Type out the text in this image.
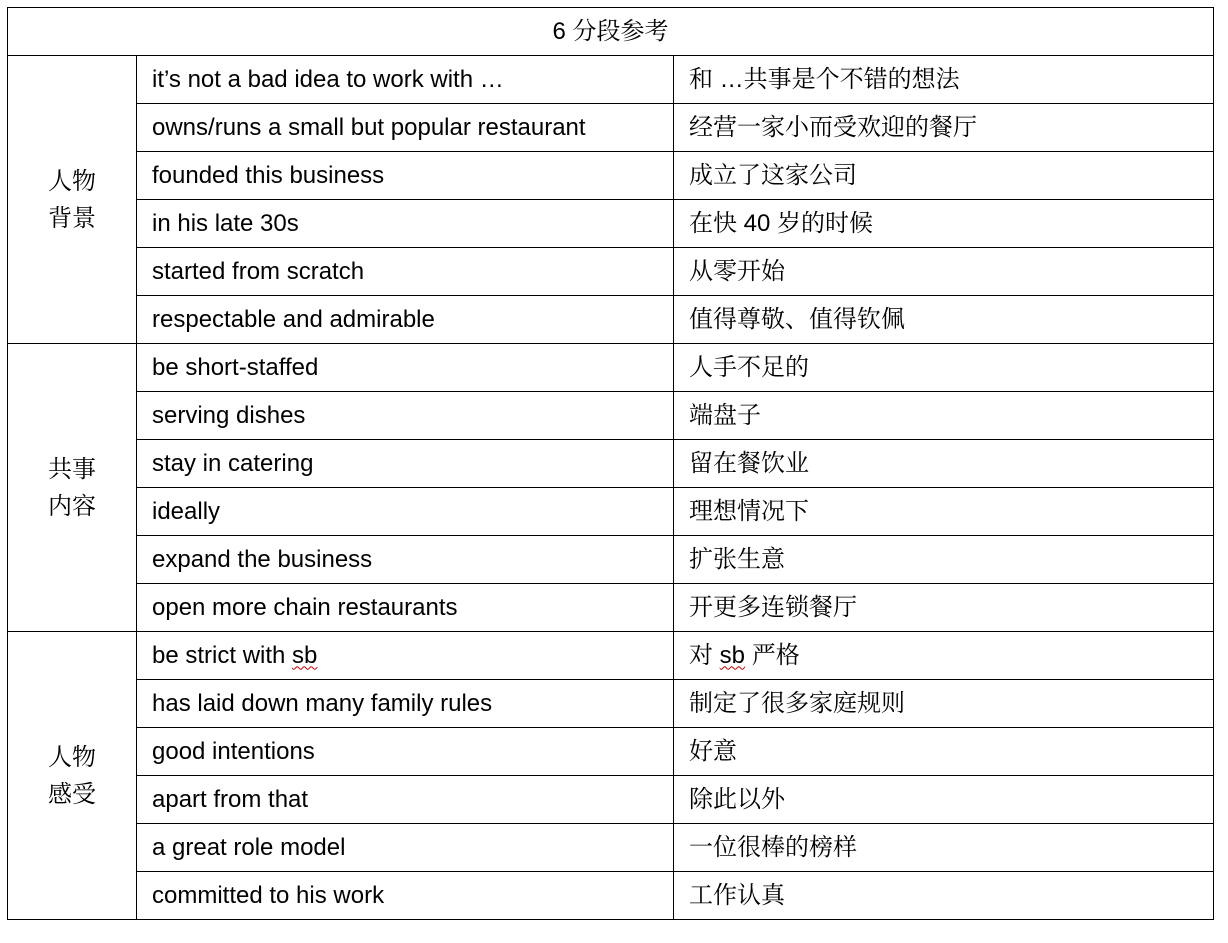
6 分段参考		
人物背景	it’s not a bad idea to work with …	和 …共事是个不错的想法
	owns/runs a small but popular restaurant	经营一家小而受欢迎的餐厅
	founded this business	成立了这家公司
	in his late 30s	在快 40 岁的时候
	started from scratch	从零开始
	respectable and admirable	值得尊敬、值得钦佩
共事内容	be short-staffed	人手不足的
	serving dishes	端盘子
	stay in catering	留在餐饮业
	ideally	理想情况下
	expand the business	扩张生意
	open more chain restaurants	开更多连锁餐厅
人物感受	be strict with sb	对 sb 严格
	has laid down many family rules	制定了很多家庭规则
	good intentions	好意
	apart from that	除此以外
	a great role model	一位很棒的榜样
	committed to his work	工作认真
